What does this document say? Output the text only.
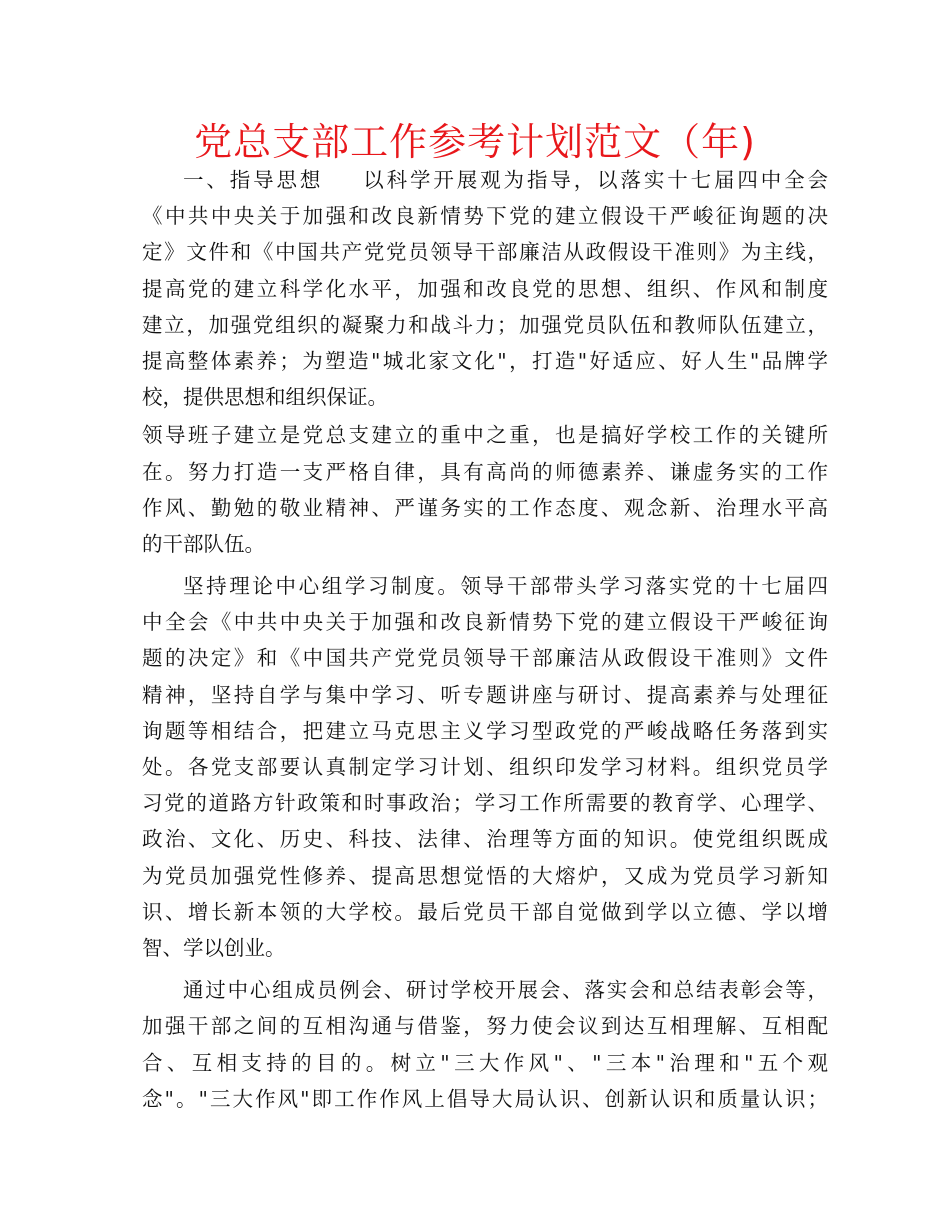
党总支部工作参考计划范文（年)
一、指导思想 以科学开展观为指导，以落实十七届四中全会
《中共中央关于加强和改良新情势下党的建立假设干严峻征询题的决
定》文件和《中国共产党党员领导干部廉洁从政假设干准则》为主线，
提高党的建立科学化水平，加强和改良党的思想、组织、作风和制度
建立，加强党组织的凝聚力和战斗力；加强党员队伍和教师队伍建立，
提高整体素养；为塑造"城北家文化"，打造"好适应、好人生"品牌学
校，提供思想和组织保证。
领导班子建立是党总支建立的重中之重，也是搞好学校工作的关键所
在。努力打造一支严格自律，具有高尚的师德素养、谦虚务实的工作
作风、勤勉的敬业精神、严谨务实的工作态度、观念新、治理水平高
的干部队伍。
坚持理论中心组学习制度。领导干部带头学习落实党的十七届四
中全会《中共中央关于加强和改良新情势下党的建立假设干严峻征询
题的决定》和《中国共产党党员领导干部廉洁从政假设干准则》文件
精神，坚持自学与集中学习、听专题讲座与研讨、提高素养与处理征
询题等相结合，把建立马克思主义学习型政党的严峻战略任务落到实
处。各党支部要认真制定学习计划、组织印发学习材料。组织党员学
习党的道路方针政策和时事政治；学习工作所需要的教育学、心理学、
政治、文化、历史、科技、法律、治理等方面的知识。使党组织既成
为党员加强党性修养、提高思想觉悟的大熔炉，又成为党员学习新知
识、增长新本领的大学校。最后党员干部自觉做到学以立德、学以增
智、学以创业。
通过中心组成员例会、研讨学校开展会、落实会和总结表彰会等，
加强干部之间的互相沟通与借鉴，努力使会议到达互相理解、互相配
合、互相支持的目的。树立"三大作风"、"三本"治理和"五个观
念"。"三大作风"即工作作风上倡导大局认识、创新认识和质量认识；
